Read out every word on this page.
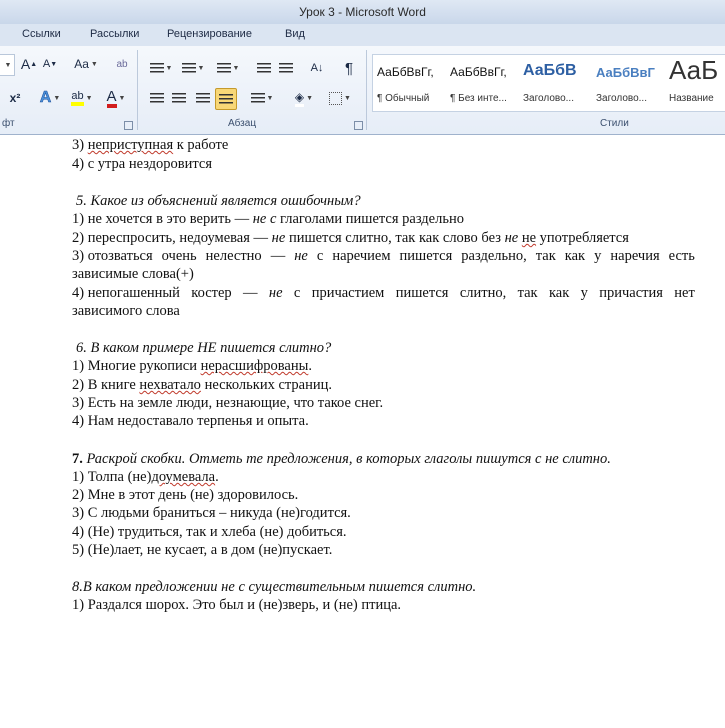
Урок 3 - Microsoft Word
Ссылки	Рассылки	Рецензирование	Вид
▼ A ▲ A ▼ Aa ▼ ab
x² A ▼ ab ▼ A ▼
фт
▼	▼	▼	A↓ ¶
▼ ◈ ▼	▼
Абзац	Стили
АаБбВвГг,
¶ Обычный
АаБбВвГг,
¶ Без инте...
АаБбВ
Заголово...
АаБбВвГ
Заголово...
АаБ
Название
3) неприступная к работе
4) с утра нездоровится
5. Какое из объяснений является ошибочным?
1) не хочется в это верить — не с глаголами пишется раздельно
2) переспросить, недоумевая — не пишется слитно, так как слово без не не употребляется
3) отозваться очень нелестно — не с наречием пишется раздельно, так как у наречия есть
зависимые слова(+)
4) непогашенный костер — не с причастием пишется слитно, так как у причастия нет
зависимого слова
6. В каком примере НЕ пишется слитно?
1) Многие рукописи нерасшифрованы.
2) В книге нехватало нескольких страниц.
3) Есть на земле люди, незнающие, что такое снег.
4) Нам недоставало терпенья и опыта.
7. Раскрой скобки. Отметь те предложения, в которых глаголы пишутся с не слитно.
1) Толпа (не)доумевала.
2) Мне в этот день (не) здоровилось.
3) С людьми браниться – никуда (не)годится.
4) (Не) трудиться, так и хлеба (не) добиться.
5) (Не)лает, не кусает, а в дом (не)пускает.
8.В каком предложении не с существительным пишется слитно.
1) Раздался шорох. Это был и (не)зверь, и (не) птица.
